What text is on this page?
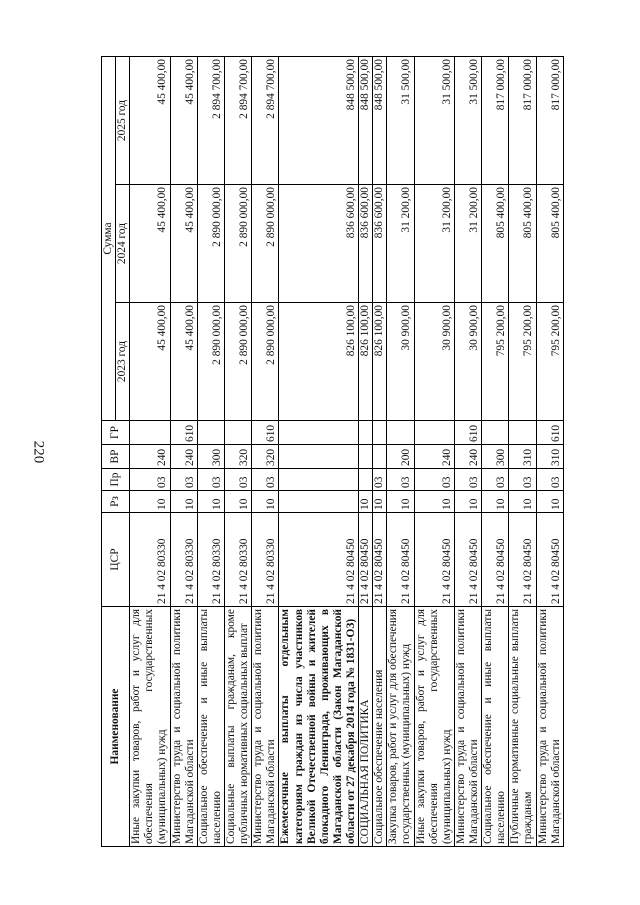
220
Наименование	ЦСР	Рз	Пр	ВР	ГР	Сумма		
						2023 год	2024 год	2025 год
Иные закупки товаров, работ и услуг для обеспечения государственных (муниципальных) нужд	21 4 02 80330	10	03	240		45 400,00	45 400,00	45 400,00
Министерство труда и социальной политики Магаданской области	21 4 02 80330	10	03	240	610	45 400,00	45 400,00	45 400,00
Социальное обеспечение и иные выплаты населению	21 4 02 80330	10	03	300		2 890 000,00	2 890 000,00	2 894 700,00
Социальные выплаты гражданам, кроме публичных нормативных социальных выплат	21 4 02 80330	10	03	320		2 890 000,00	2 890 000,00	2 894 700,00
Министерство труда и социальной политики Магаданской области	21 4 02 80330	10	03	320	610	2 890 000,00	2 890 000,00	2 894 700,00
Ежемесячные выплаты отдельным категориям граждан из числа участников Великой Отечественной войны и жителей блокадного Ленинграда, проживающих в Магаданской области (Закон Магаданской области от 27 декабря 2014 года № 1831-ОЗ)	21 4 02 80450					826 100,00	836 600,00	848 500,00
СОЦИАЛЬНАЯ ПОЛИТИКА	21 4 02 80450	10				826 100,00	836 600,00	848 500,00
Социальное обеспечение населения	21 4 02 80450	10	03			826 100,00	836 600,00	848 500,00
Закупка товаров, работ и услуг для обеспечения государственных (муниципальных) нужд	21 4 02 80450	10	03	200		30 900,00	31 200,00	31 500,00
Иные закупки товаров, работ и услуг для обеспечения государственных (муниципальных) нужд	21 4 02 80450	10	03	240		30 900,00	31 200,00	31 500,00
Министерство труда и социальной политики Магаданской области	21 4 02 80450	10	03	240	610	30 900,00	31 200,00	31 500,00
Социальное обеспечение и иные выплаты населению	21 4 02 80450	10	03	300		795 200,00	805 400,00	817 000,00
Публичные нормативные социальные выплаты гражданам	21 4 02 80450	10	03	310		795 200,00	805 400,00	817 000,00
Министерство труда и социальной политики Магаданской области	21 4 02 80450	10	03	310	610	795 200,00	805 400,00	817 000,00
